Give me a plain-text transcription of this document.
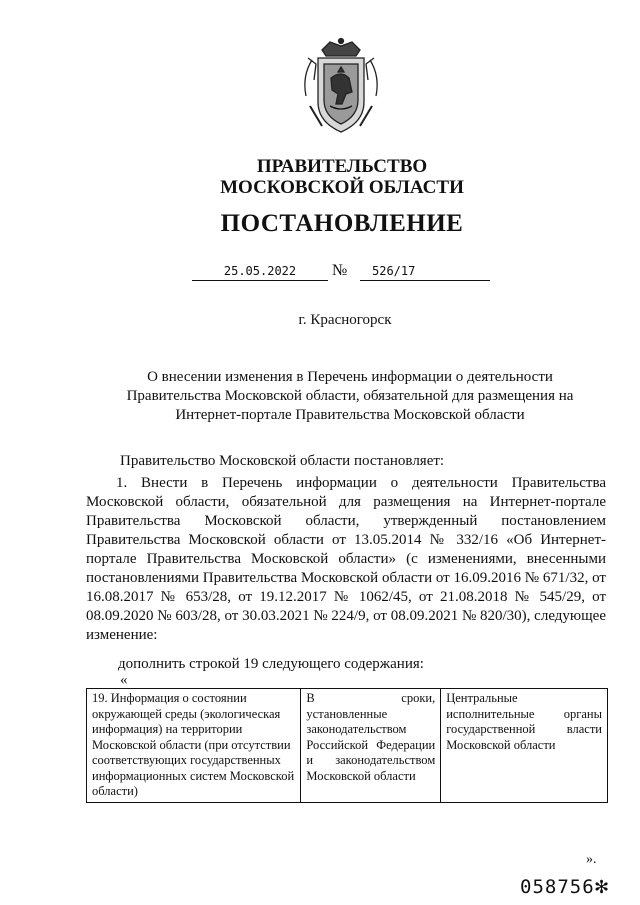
ПРАВИТЕЛЬСТВО
МОСКОВСКОЙ ОБЛАСТИ
ПОСТАНОВЛЕНИЕ
25.05.2022	№	526/17
г. Красногорск
О внесении изменения в Перечень информации о деятельности Правительства Московской области, обязательной для размещения на Интернет-портале Правительства Московской области
Правительство Московской области постановляет:
1. Внести в Перечень информации о деятельности Правительства Московской области, обязательной для размещения на Интернет-портале Правительства Московской области, утвержденный постановлением Правительства Московской области от 13.05.2014 № 332/16 «Об Интернет-портале Правительства Московской области» (с изменениями, внесенными постановлениями Правительства Московской области от 16.09.2016 № 671/32, от 16.08.2017 № 653/28, от 19.12.2017 № 1062/45, от 21.08.2018 № 545/29, от 08.09.2020 № 603/28, от 30.03.2021 № 224/9, от 08.09.2021 № 820/30), следующее изменение:
дополнить строкой 19 следующего содержания:
«
19. Информация о состоянии окружающей среды (экологическая информация) на территории Московской области (при отсутствии соответствующих государственных информационных систем Московской области)	В сроки, установленные законодательством Российской Федерации и законодательством Московской области	Центральные исполнительные органы государственной власти Московской области
».
058756 ✻
